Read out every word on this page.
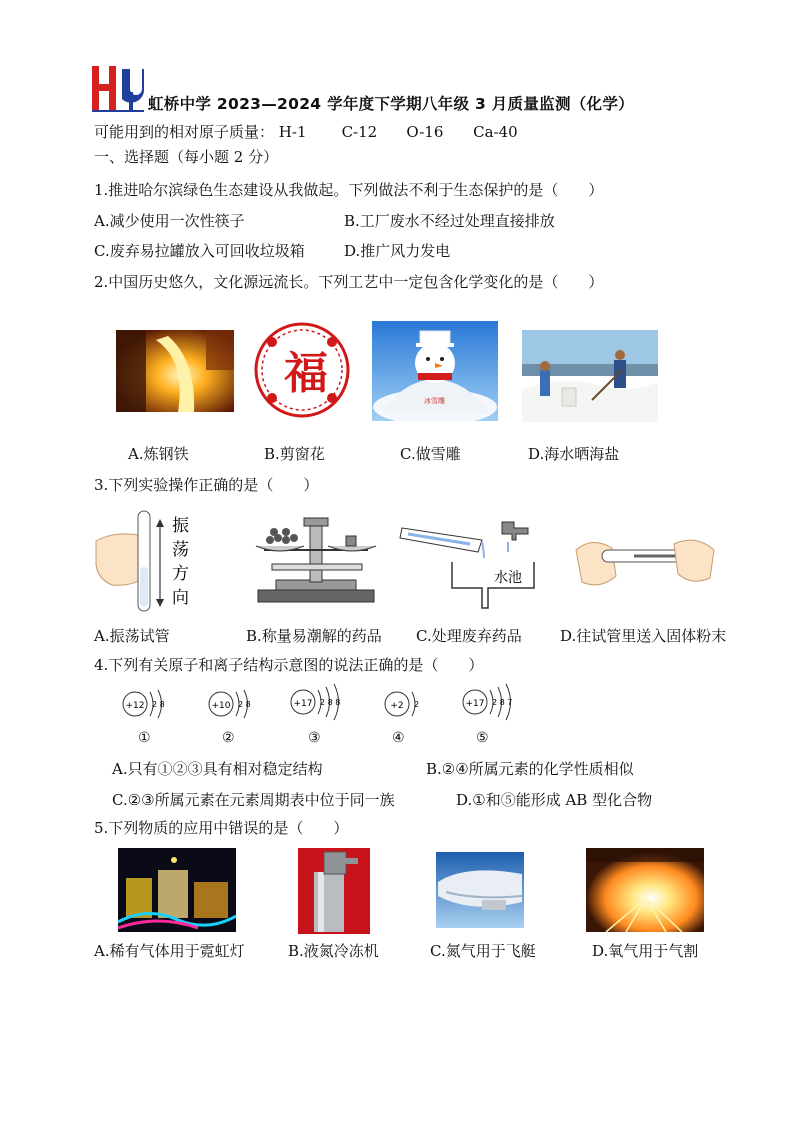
虹桥中学 2023—2024 学年度下学期八年级 3 月质量监测（化学）
可能用到的相对原子质量： H-1 C-12 O-16 Ca-40
一、选择题（每小题 2 分）
1.推进哈尔滨绿色生态建设从我做起。下列做法不利于生态保护的是（　　）
A.减少使用一次性筷子	B.工厂废水不经过处理直接排放
C.废弃易拉罐放入可回收垃圾箱	D.推广风力发电
2.中国历史悠久，文化源远流长。下列工艺中一定包含化学变化的是（　　）
福
冰雪雕
A.炼钢铁	B.剪窗花	C.做雪雕	D.海水晒海盐
3.下列实验操作正确的是（　　）
振
荡
方
向
水池
A.振荡试管	B.称量易潮解的药品 C.处理废弃药品	D.往试管里送入固体粉末
4.下列有关原子和离子结构示意图的说法正确的是（　　）
+12 2 8	+10 2 8	+17 2 8 8	+2 2	+17 2 8 7
①	②	③	④	⑤
A.只有①②③具有相对稳定结构	B.②④所属元素的化学性质相似
C.②③所属元素在元素周期表中位于同一族	D.①和⑤能形成 AB 型化合物
5.下列物质的应用中错误的是（　　）
A.稀有气体用于霓虹灯	B.液氮冷冻机	C.氮气用于飞艇	D.氧气用于气割
